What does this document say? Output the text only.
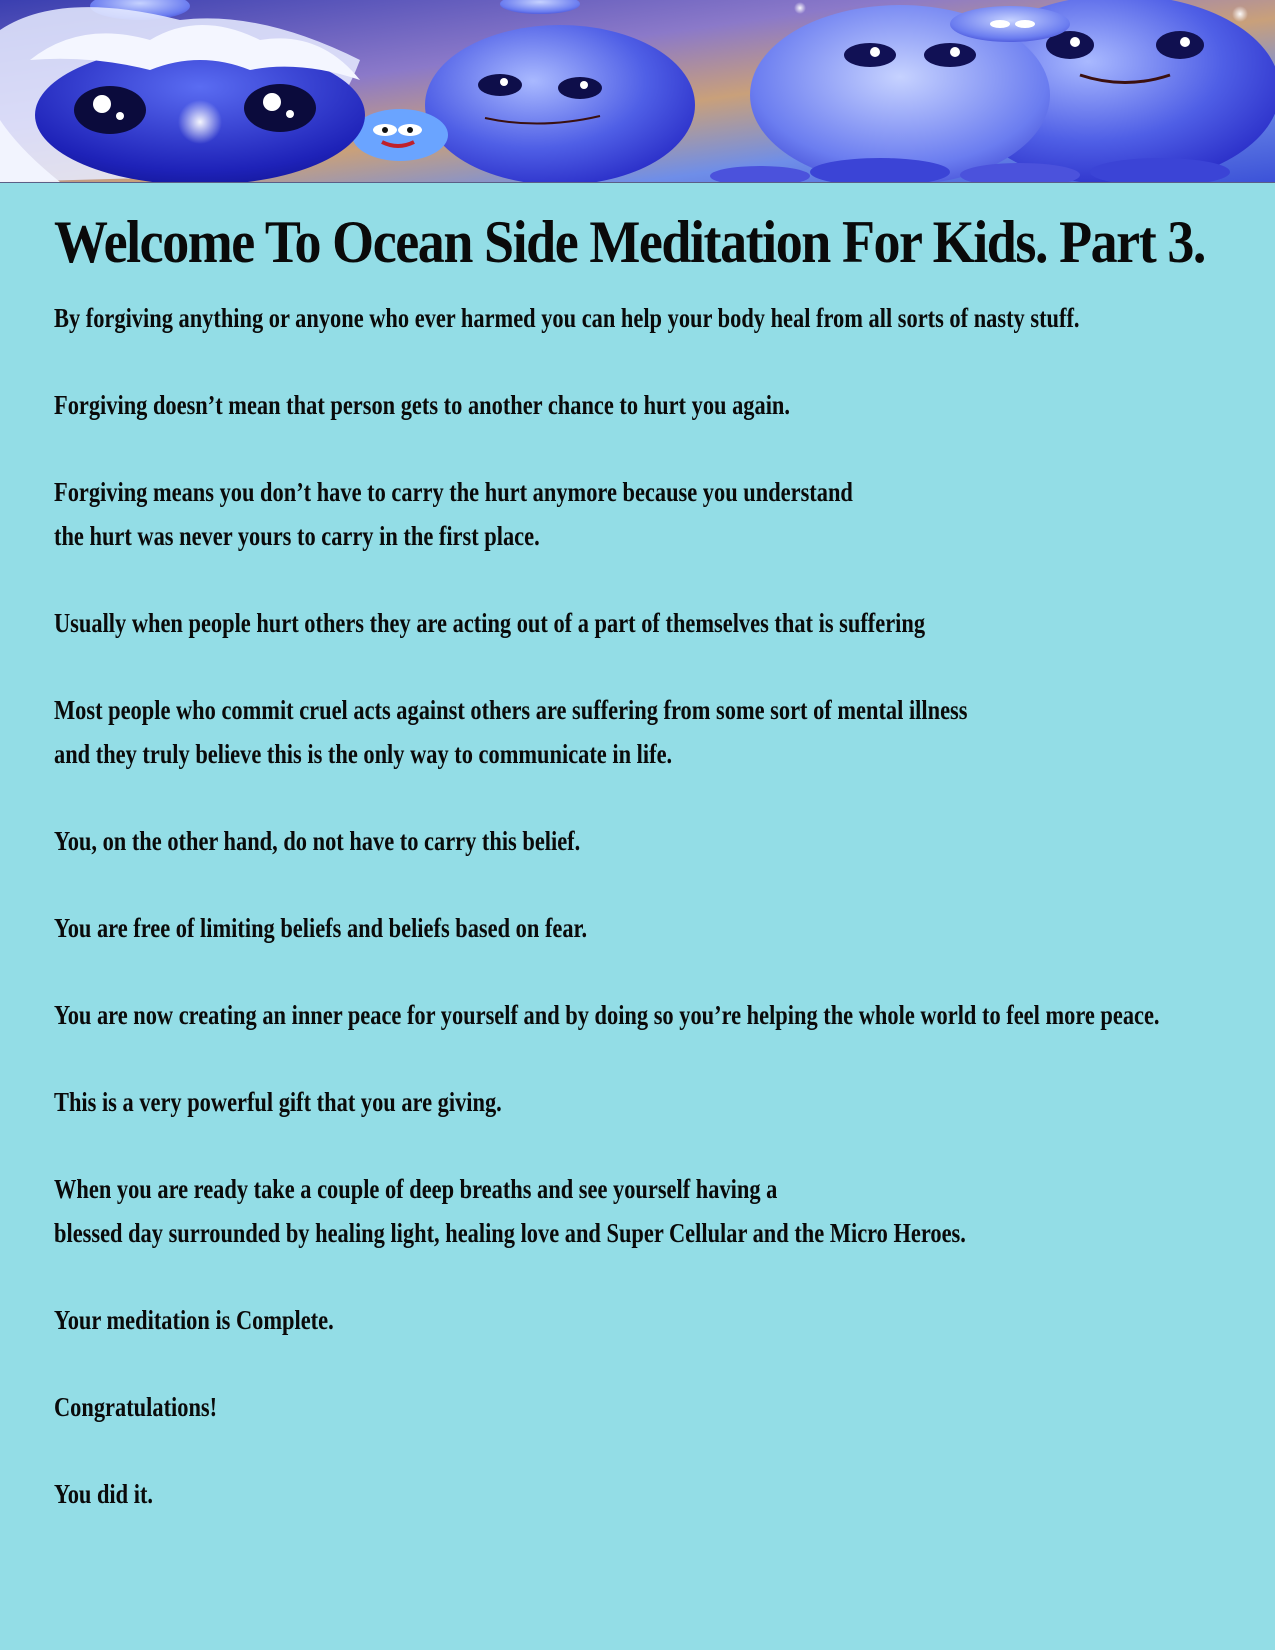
Welcome To Ocean Side Meditation For Kids. Part 3.

By forgiving anything or anyone who ever harmed you can help your body heal from all sorts of nasty stuff.

Forgiving doesn’t mean that person gets to another chance to hurt you again.

Forgiving means you don’t have to carry the hurt anymore because you understand
the hurt was never yours to carry in the first place.

Usually when people hurt others they are acting out of a part of themselves that is suffering

Most people who commit cruel acts against others are suffering from some sort of mental illness
and they truly believe this is the only way to communicate in life.

You, on the other hand, do not have to carry this belief.

You are free of limiting beliefs and beliefs based on fear.

You are now creating an inner peace for yourself and by doing so you’re helping the whole world to feel more peace.

This is a very powerful gift that you are giving.

When you are ready take a couple of deep breaths and see yourself having a
blessed day surrounded by healing light, healing love and Super Cellular and the Micro Heroes.

Your meditation is Complete.

Congratulations!

You did it.
